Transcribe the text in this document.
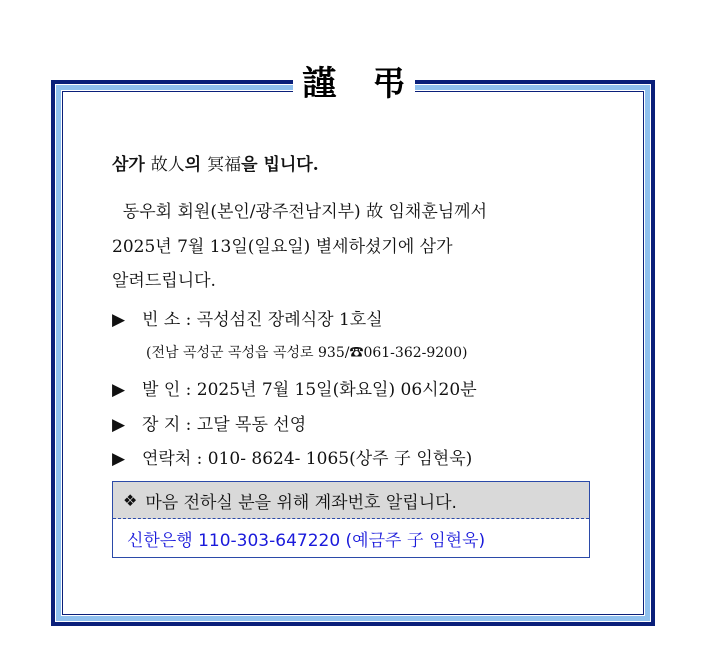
謹 弔
삼가 故人의 冥福을 빕니다.
동우회 회원(본인/광주전남지부) 故 임채훈님께서
2025년 7월 13일(일요일) 별세하셨기에 삼가
알려드립니다.
▶ 빈 소 : 곡성섬진 장례식장 1호실
(전남 곡성군 곡성읍 곡성로 935/☎061-362-9200)
▶ 발 인 : 2025년 7월 15일(화요일) 06시20분
▶ 장 지 : 고달 목동 선영
▶ 연락처 : 010- 8624- 1065(상주 子 임현욱)
❖ 마음 전하실 분을 위해 계좌번호 알립니다.
신한은행 110-303-647220 (예금주 子 임현욱)
